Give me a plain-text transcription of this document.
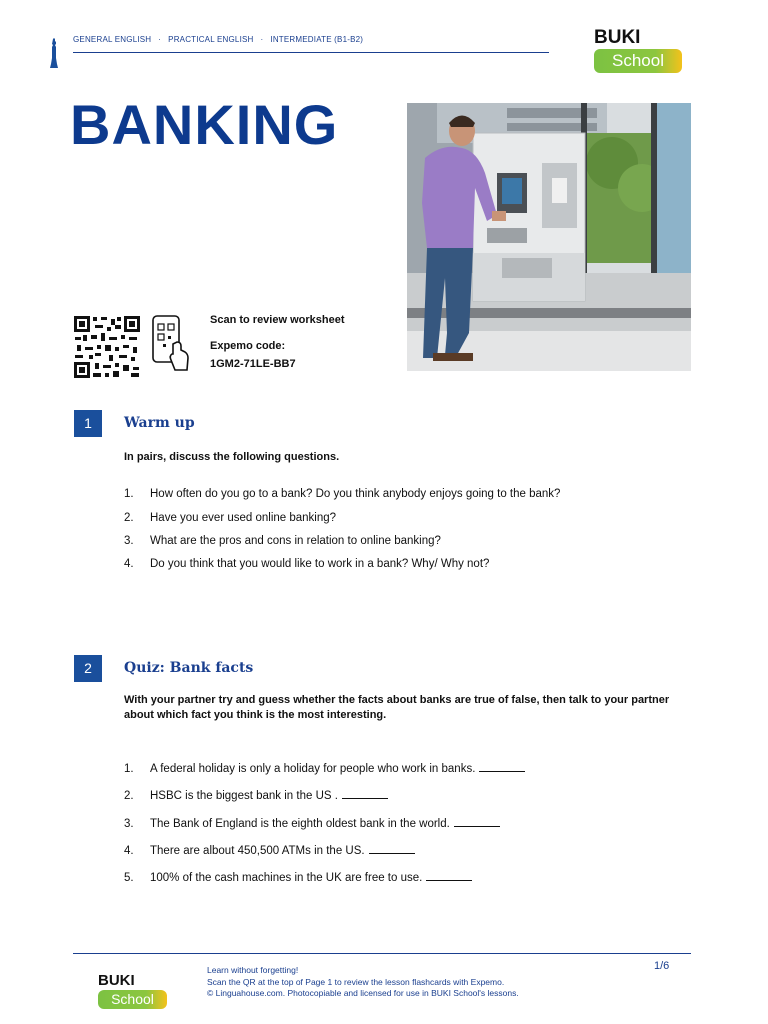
GENERAL ENGLISH · PRACTICAL ENGLISH · INTERMEDIATE (B1-B2)	BUKI
School
BANKING
Scan to review worksheet
Expemo code:
1GM2-71LE-BB7
1	Warm up
In pairs, discuss the following questions.
1. How often do you go to a bank? Do you think anybody enjoys going to the bank?
2. Have you ever used online banking?
3. What are the pros and cons in relation to online banking?
4. Do you think that you would like to work in a bank? Why/ Why not?
2	Quiz: Bank facts
With your partner try and guess whether the facts about banks are true of false, then talk to your partner about which fact you think is the most interesting.
1. A federal holiday is only a holiday for people who work in banks.
2. HSBC is the biggest bank in the US .
3. The Bank of England is the eighth oldest bank in the world.
4. There are albout 450,500 ATMs in the US.
5. 100% of the cash machines in the UK are free to use.
BUKI
School
Learn without forgetting!
Scan the QR at the top of Page 1 to review the lesson flashcards with Expemo.
© Linguahouse.com. Photocopiable and licensed for use in BUKI School's lessons.
1/6
